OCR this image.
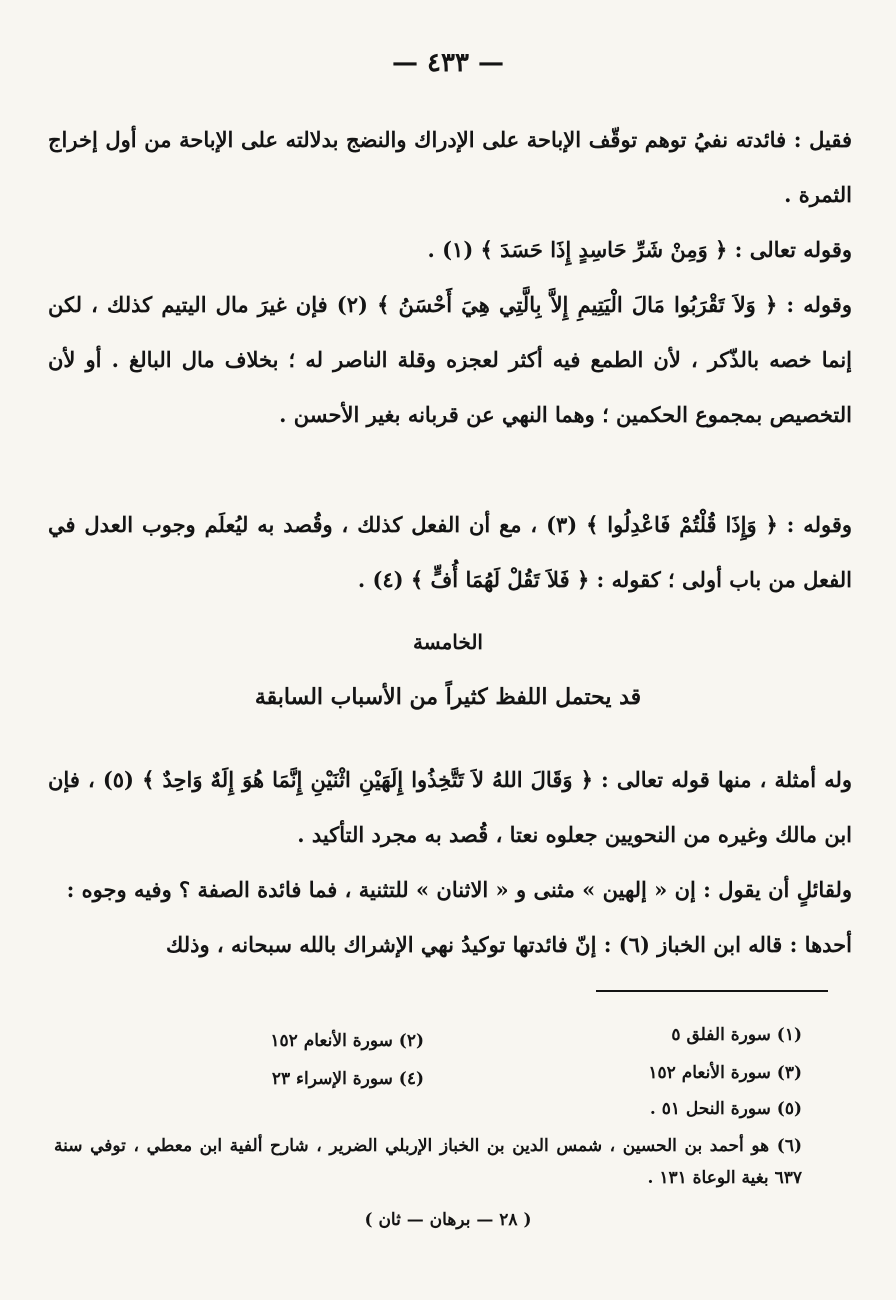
— ٤٣٣ —
فقيل : فائدته نفيُ توهم توقّف الإباحة على الإدراك والنضج بدلالته على الإباحة من أول إخراج الثمرة .
وقوله تعالى : ﴿ وَمِنْ شَرِّ حَاسِدٍ إِذَا حَسَدَ ﴾ (١) .
وقوله : ﴿ وَلاَ تَقْرَبُوا مَالَ الْيَتِيمِ إِلاَّ بِالَّتِي هِيَ أَحْسَنُ ﴾ (٢) فإن غيرَ مال اليتيم كذلك ، لكن إنما خصه بالذّكر ، لأن الطمع فيه أكثر لعجزه وقلة الناصر له ؛ بخلاف مال البالغ . أو لأن التخصيص بمجموع الحكمين ؛ وهما النهي عن قربانه بغير الأحسن .
وقوله : ﴿ وَإِذَا قُلْتُمْ فَاعْدِلُوا ﴾ (٣) ، مع أن الفعل كذلك ، وقُصد به ليُعلَم وجوب العدل في الفعل من باب أولى ؛ كقوله : ﴿ فَلاَ تَقُلْ لَهُمَا أُفٍّ ﴾ (٤) .
الخامسة
قد يحتمل اللفظ كثيراً من الأسباب السابقة
وله أمثلة ، منها قوله تعالى : ﴿ وَقَالَ اللهُ لاَ تَتَّخِذُوا إِلَهَيْنِ اثْنَيْنِ إِنَّمَا هُوَ إِلَهٌ وَاحِدٌ ﴾ (٥) ، فإن ابن مالك وغيره من النحويين جعلوه نعتا ، قُصد به مجرد التأكيد .
ولقائلٍ أن يقول : إن « إلهين » مثنى و « الاثنان » للتثنية ، فما فائدة الصفة ؟ وفيه وجوه :
أحدها : قاله ابن الخباز (٦) : إنّ فائدتها توكيدُ نهي الإشراك بالله سبحانه ، وذلك
(١) سورة الفلق ٥
(٢) سورة الأنعام ١٥٢
(٣) سورة الأنعام ١٥٢
(٤) سورة الإسراء ٢٣
(٥) سورة النحل ٥١ .
(٦) هو أحمد بن الحسين ، شمس الدين بن الخباز الإربلي الضرير ، شارح ألفية ابن معطي ، توفي سنة ٦٣٧ بغية الوعاة ١٣١ .
( ٢٨ — برهان — ثان )
